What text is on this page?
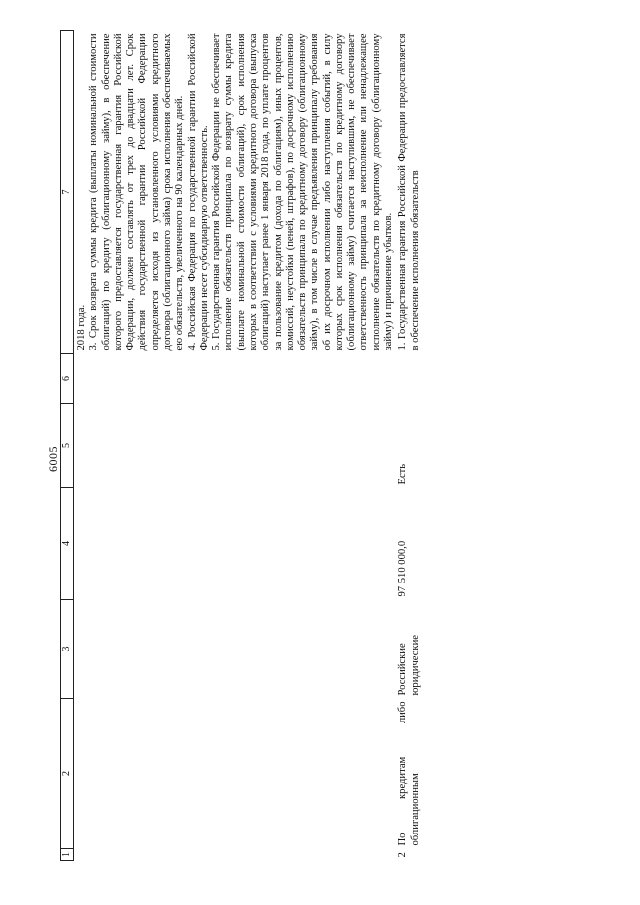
6005
1	2	3	4	5	6	7

						2018 года. 3. Срок возврата суммы кредита (выплаты номинальной стоимости облигаций) по кредиту (облигационному займу), в обеспечение которого предоставляется государственная гарантия Российской Федерации, должен составлять от трех до двадцати лет. Срок действия государственной гарантии Российской Федерации определяется исходя из установленного условиями кредитного договора (облигационного займа) срока исполнения обеспечиваемых ею обязательств, увеличенного на 90 календарных дней. 4. Российская Федерация по государственной гарантии Российской Федерации несет субсидиарную ответственность. 5. Государственная гарантия Российской Федерации не обеспечивает исполнение обязательств принципала по возврату суммы кредита (выплате номинальной стоимости облигаций), срок исполнения которых в соответствии с условиями кредитного договора (выпуска облигаций) наступает ранее 1 января 2018 года, по уплате процентов за пользование кредитом (дохода по облигациям), иных процентов, комиссий, неустойки (пеней, штрафов), по досрочному исполнению обязательств принципала по кредитному договору (облигационному займу), в том числе в случае предъявления принципалу требования об их досрочном исполнении либо наступления событий, в силу которых срок исполнения обязательств по кредитному договору (облигационному займу) считается наступившим, не обеспечивает ответственность принципала за неисполнение или ненадлежащее исполнение обязательств по кредитному договору (облигационному займу) и причинение убытков.

2	По кредитам либо облигационным	Российские юридические	97 510 000,0	Есть		1. Государственная гарантия Российской Федерации предоставляется в обеспечение исполнения обязательств
